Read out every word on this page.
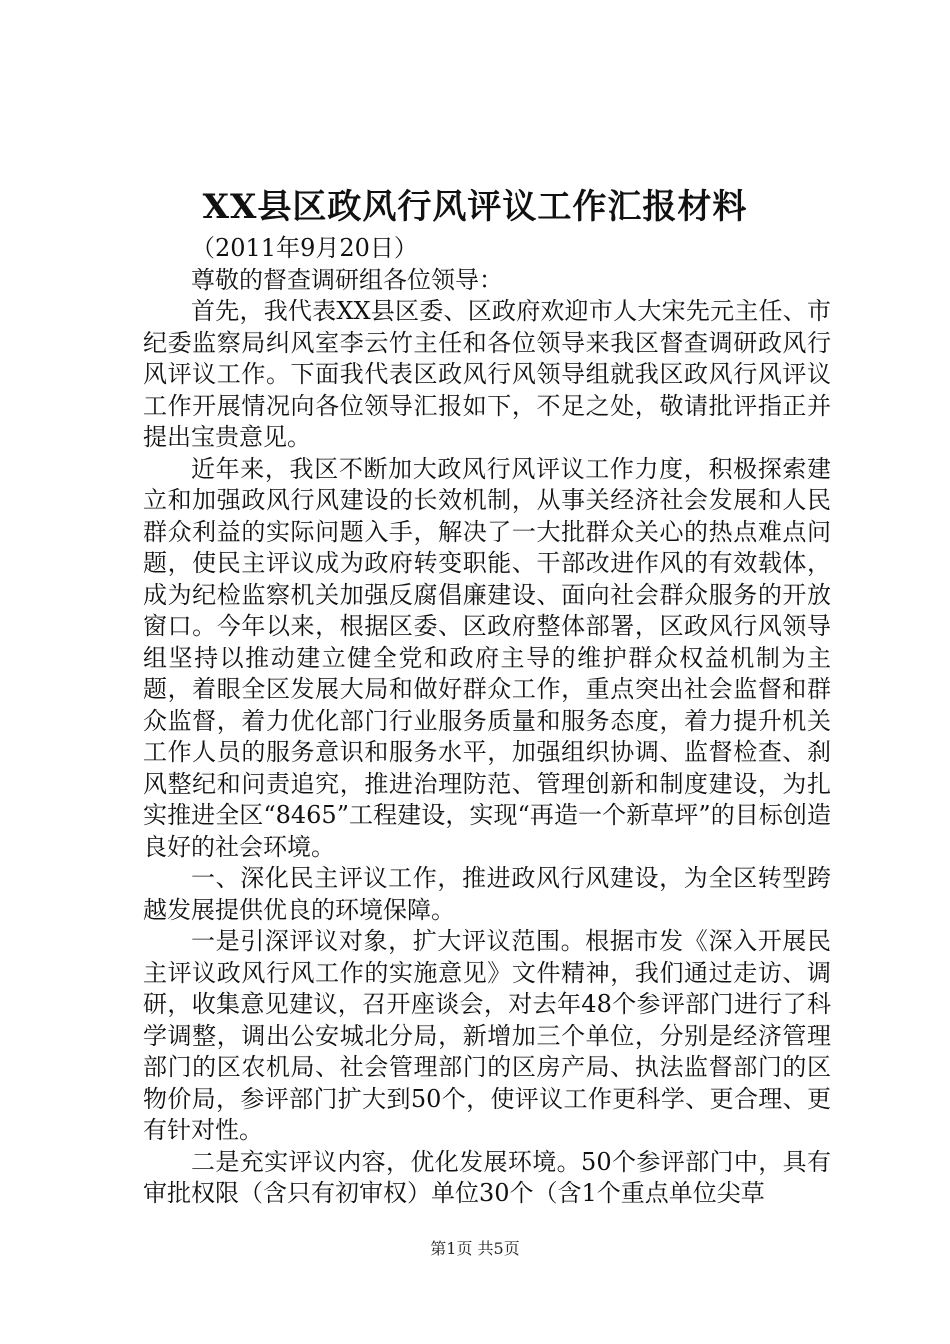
XX县区政风行风评议工作汇报材料

（2011年9月20日）

尊敬的督查调研组各位领导：

首先，我代表XX县区委、区政府欢迎市人大宋先元主任、市纪委监察局纠风室李云竹主任和各位领导来我区督查调研政风行风评议工作。下面我代表区政风行风领导组就我区政风行风评议工作开展情况向各位领导汇报如下，不足之处，敬请批评指正并提出宝贵意见。

近年来，我区不断加大政风行风评议工作力度，积极探索建立和加强政风行风建设的长效机制，从事关经济社会发展和人民群众利益的实际问题入手，解决了一大批群众关心的热点难点问题，使民主评议成为政府转变职能、干部改进作风的有效载体，成为纪检监察机关加强反腐倡廉建设、面向社会群众服务的开放窗口。今年以来，根据区委、区政府整体部署，区政风行风领导组坚持以推动建立健全党和政府主导的维护群众权益机制为主题，着眼全区发展大局和做好群众工作，重点突出社会监督和群众监督，着力优化部门行业服务质量和服务态度，着力提升机关工作人员的服务意识和服务水平，加强组织协调、监督检查、刹风整纪和问责追究，推进治理防范、管理创新和制度建设，为扎实推进全区“8465”工程建设，实现“再造一个新草坪”的目标创造良好的社会环境。

一、深化民主评议工作，推进政风行风建设，为全区转型跨越发展提供优良的环境保障。

一是引深评议对象，扩大评议范围。根据市发《深入开展民主评议政风行风工作的实施意见》文件精神，我们通过走访、调研，收集意见建议，召开座谈会，对去年48个参评部门进行了科学调整，调出公安城北分局，新增加三个单位，分别是经济管理部门的区农机局、社会管理部门的区房产局、执法监督部门的区物价局，参评部门扩大到50个，使评议工作更科学、更合理、更有针对性。

二是充实评议内容，优化发展环境。50个参评部门中，具有审批权限（含只有初审权）单位30个（含1个重点单位尖草

第1页 共5页
